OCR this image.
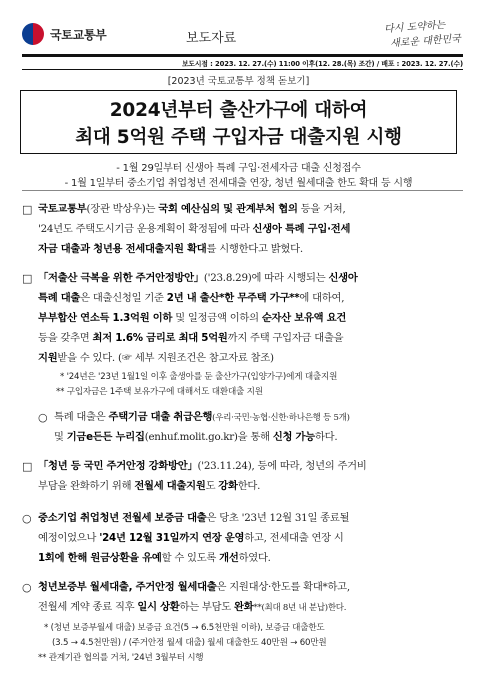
국토교통부	보도자료
다시 도약하는
새로운 대한민국
보도시점 : 2023. 12. 27.(수) 11:00 이후(12. 28.(목) 조간) / 배포 : 2023. 12. 27.(수)
[2023년 국토교통부 정책 돋보기]
2024년부터 출산가구에 대하여
최대 5억원 주택 구입자금 대출지원 시행
- 1월 29일부터 신생아 특례 구입·전세자금 대출 신청접수
- 1월 1일부터 중소기업 취업청년 전세대출 연장, 청년 월세대출 한도 확대 등 시행
□ 국토교통부(장관 박상우)는 국회 예산심의 및 관계부처 협의 등을 거쳐,
'24년도 주택도시기금 운용계획이 확정됨에 따라 신생아 특례 구입·전세
자금 대출과 청년용 전세대출지원 확대를 시행한다고 밝혔다.
□ 「저출산 극복을 위한 주거안정방안」('23.8.29)에 따라 시행되는 신생아
특례 대출은 대출신청일 기준 2년 내 출산*한 무주택 가구**에 대하여,
부부합산 연소득 1.3억원 이하 및 일정금액 이하의 순자산 보유액 요건
등을 갖추면 최저 1.6% 금리로 최대 5억원까지 주택 구입자금 대출을
지원받을 수 있다. (☞ 세부 지원조건은 참고자료 참조)
* '24년은 '23년 1월1일 이후 출생아를 둔 출산가구(입양가구)에게 대출지원
** 구입자금은 1주택 보유가구에 대해서도 대환대출 지원
○ 특례 대출은 주택기금 대출 취급은행(우리·국민·농협·신한·하나은행 등 5개)
및 기금e든든 누리집(enhuf.molit.go.kr)을 통해 신청 가능하다.
□ 「청년 등 국민 주거안정 강화방안」('23.11.24), 등에 따라, 청년의 주거비
부담을 완화하기 위해 전월세 대출지원도 강화한다.
○ 중소기업 취업청년 전월세 보증금 대출은 당초 '23년 12월 31일 종료될
예정이었으나 '24년 12월 31일까지 연장 운영하고, 전세대출 연장 시
1회에 한해 원금상환을 유예할 수 있도록 개선하였다.
○ 청년보증부 월세대출, 주거안정 월세대출은 지원대상·한도를 확대*하고,
전월세 계약 종료 직후 일시 상환하는 부담도 완화**(최대 8년 내 분납)한다.
* (청년 보증부월세 대출) 보증금 요건(5 → 6.5천만원 이하), 보증금 대출한도
(3.5 → 4.5천만원) / (주거안정 월세 대출) 월세 대출한도 40만원 → 60만원
** 관계기관 협의를 거쳐, '24년 3월부터 시행
